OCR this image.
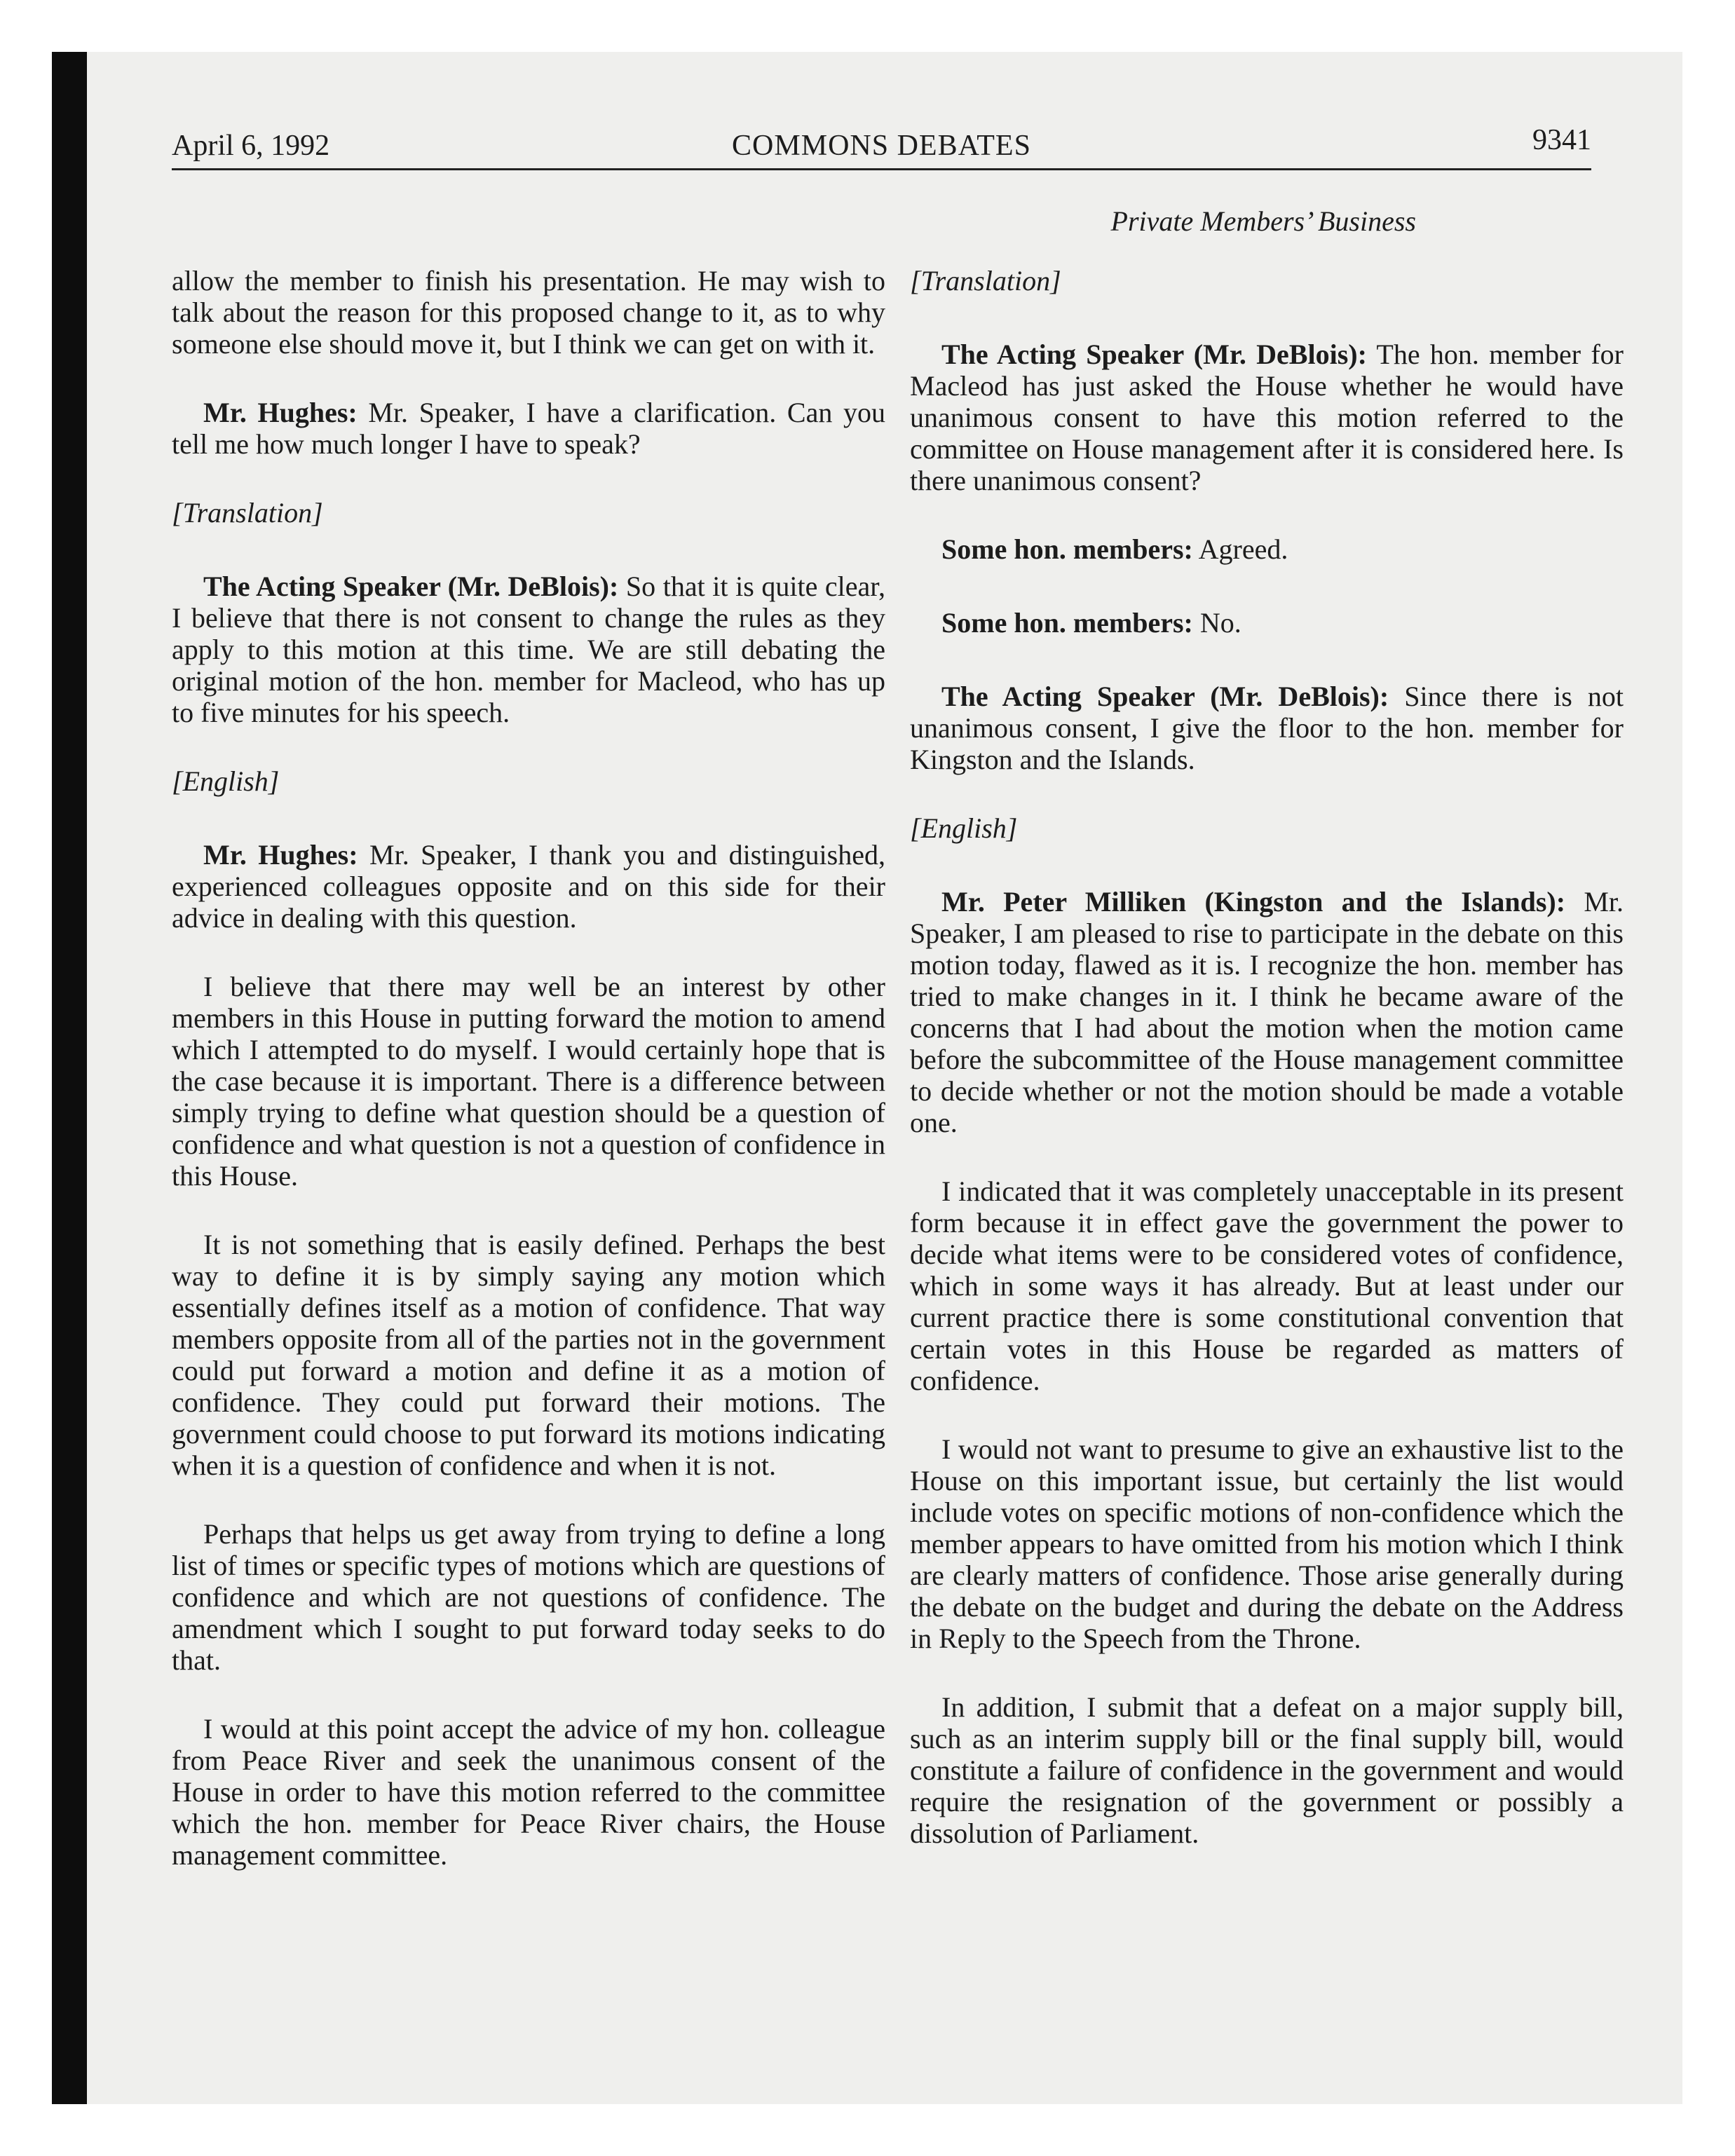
April 6, 1992	COMMONS DEBATES	9341
Private Members’ Business

allow the member to finish his presentation. He may wish to talk about the reason for this proposed change to it, as to why someone else should move it, but I think we can get on with it.

Mr. Hughes: Mr. Speaker, I have a clarification. Can you tell me how much longer I have to speak?

[Translation]

The Acting Speaker (Mr. DeBlois): So that it is quite clear, I believe that there is not consent to change the rules as they apply to this motion at this time. We are still debating the original motion of the hon. member for Macleod, who has up to five minutes for his speech.

[English]

Mr. Hughes: Mr. Speaker, I thank you and distinguished, experienced colleagues opposite and on this side for their advice in dealing with this question.

I believe that there may well be an interest by other members in this House in putting forward the motion to amend which I attempted to do myself. I would certainly hope that is the case because it is important. There is a difference between simply trying to define what question should be a question of confidence and what question is not a question of confidence in this House.

It is not something that is easily defined. Perhaps the best way to define it is by simply saying any motion which essentially defines itself as a motion of confidence. That way members opposite from all of the parties not in the government could put forward a motion and define it as a motion of confidence. They could put forward their motions. The government could choose to put forward its motions indicating when it is a question of confidence and when it is not.

Perhaps that helps us get away from trying to define a long list of times or specific types of motions which are questions of confidence and which are not questions of confidence. The amendment which I sought to put forward today seeks to do that.

I would at this point accept the advice of my hon. colleague from Peace River and seek the unanimous consent of the House in order to have this motion referred to the committee which the hon. member for Peace River chairs, the House management committee.

[Translation]

The Acting Speaker (Mr. DeBlois): The hon. member for Macleod has just asked the House whether he would have unanimous consent to have this motion referred to the committee on House management after it is considered here. Is there unanimous consent?

Some hon. members: Agreed.

Some hon. members: No.

The Acting Speaker (Mr. DeBlois): Since there is not unanimous consent, I give the floor to the hon. member for Kingston and the Islands.

[English]

Mr. Peter Milliken (Kingston and the Islands): Mr. Speaker, I am pleased to rise to participate in the debate on this motion today, flawed as it is. I recognize the hon. member has tried to make changes in it. I think he became aware of the concerns that I had about the motion when the motion came before the subcommittee of the House management committee to decide whether or not the motion should be made a votable one.

I indicated that it was completely unacceptable in its present form because it in effect gave the government the power to decide what items were to be considered votes of confidence, which in some ways it has already. But at least under our current practice there is some constitutional convention that certain votes in this House be regarded as matters of confidence.

I would not want to presume to give an exhaustive list to the House on this important issue, but certainly the list would include votes on specific motions of non-confidence which the member appears to have omitted from his motion which I think are clearly matters of confidence. Those arise generally during the debate on the budget and during the debate on the Address in Reply to the Speech from the Throne.

In addition, I submit that a defeat on a major supply bill, such as an interim supply bill or the final supply bill, would constitute a failure of confidence in the government and would require the resignation of the government or possibly a dissolution of Parliament.
